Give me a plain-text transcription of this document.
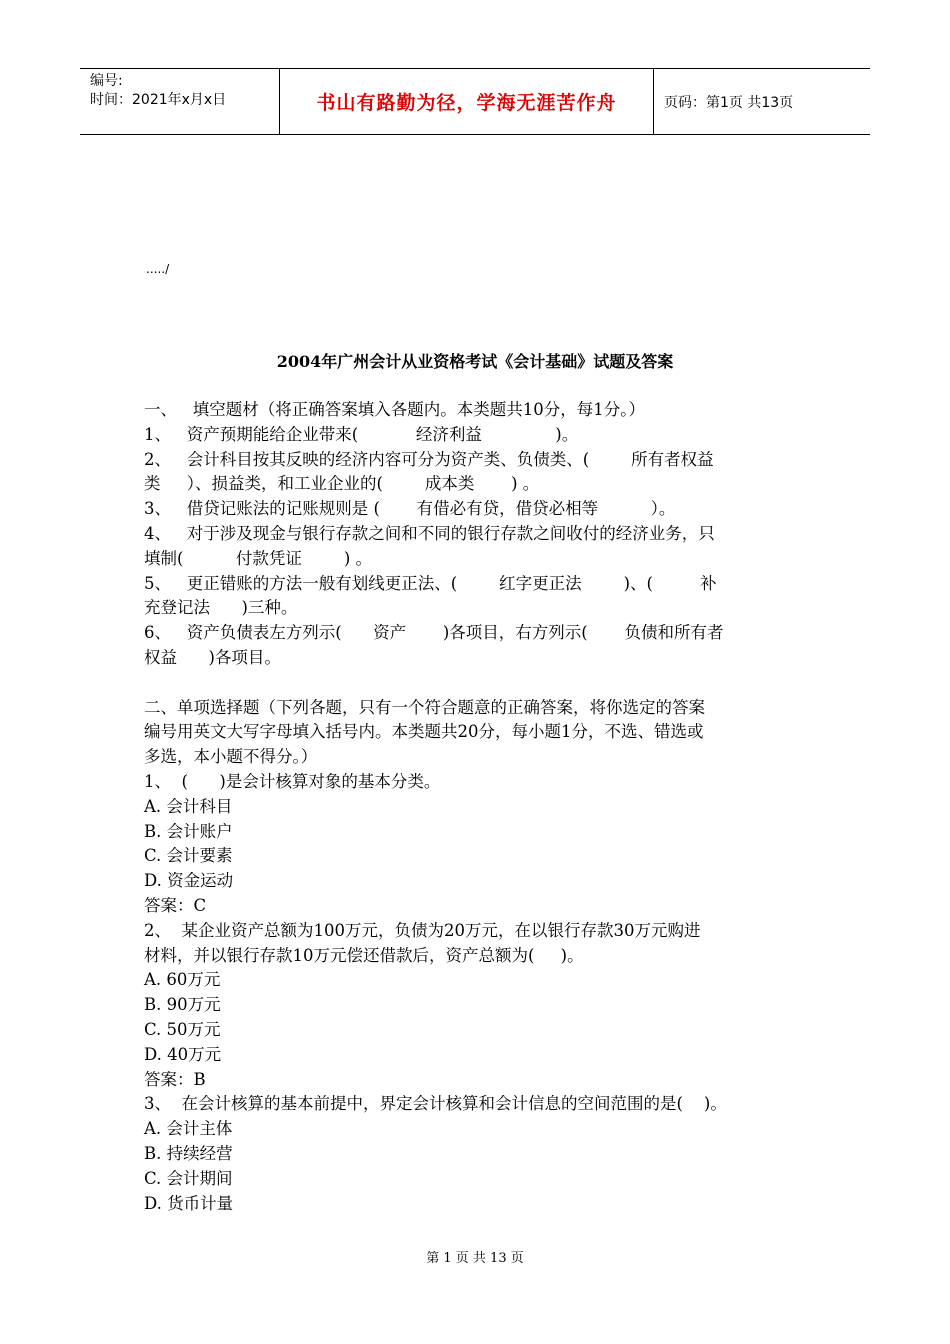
编号:
时间：2021年x月x日	书山有路勤为径，学海无涯苦作舟	页码：第1页 共13页
...../
2004年广州会计从业资格考试《会计基础》试题及答案
一、   填空题材（将正确答案填入各题内。本类题共10分，每1分。）
1、   资产预期能给企业带来(           经济利益              )。
2、   会计科目按其反映的经济内容可分为资产类、负债类、(        所有者权益
类     ）、损益类，和工业企业的(        成本类       ) 。
3、   借贷记账法的记账规则是 (       有借必有贷，借贷必相等          ）。
4、   对于涉及现金与银行存款之间和不同的银行存款之间收付的经济业务，只
填制(          付款凭证        ) 。
5、   更正错账的方法一般有划线更正法、(        红字更正法        )、(         补
充登记法      )三种。
6、   资产负债表左方列示(      资产       )各项目，右方列示(       负债和所有者
权益      )各项目。
二、单项选择题（下列各题，只有一个符合题意的正确答案，将你选定的答案
编号用英文大写字母填入括号内。本类题共20分，每小题1分，不选、错选或
多选，本小题不得分。）
1、  (      )是会计核算对象的基本分类。
A. 会计科目
B. 会计账户
C. 会计要素
D. 资金运动
答案：C
2、  某企业资产总额为100万元，负债为20万元，在以银行存款30万元购进
材料，并以银行存款10万元偿还借款后，资产总额为(     )。
A. 60万元
B. 90万元
C. 50万元
D. 40万元
答案：B
3、  在会计核算的基本前提中，界定会计核算和会计信息的空间范围的是(    )。
A. 会计主体
B. 持续经营
C. 会计期间
D. 货币计量
第 1 页 共 13 页
